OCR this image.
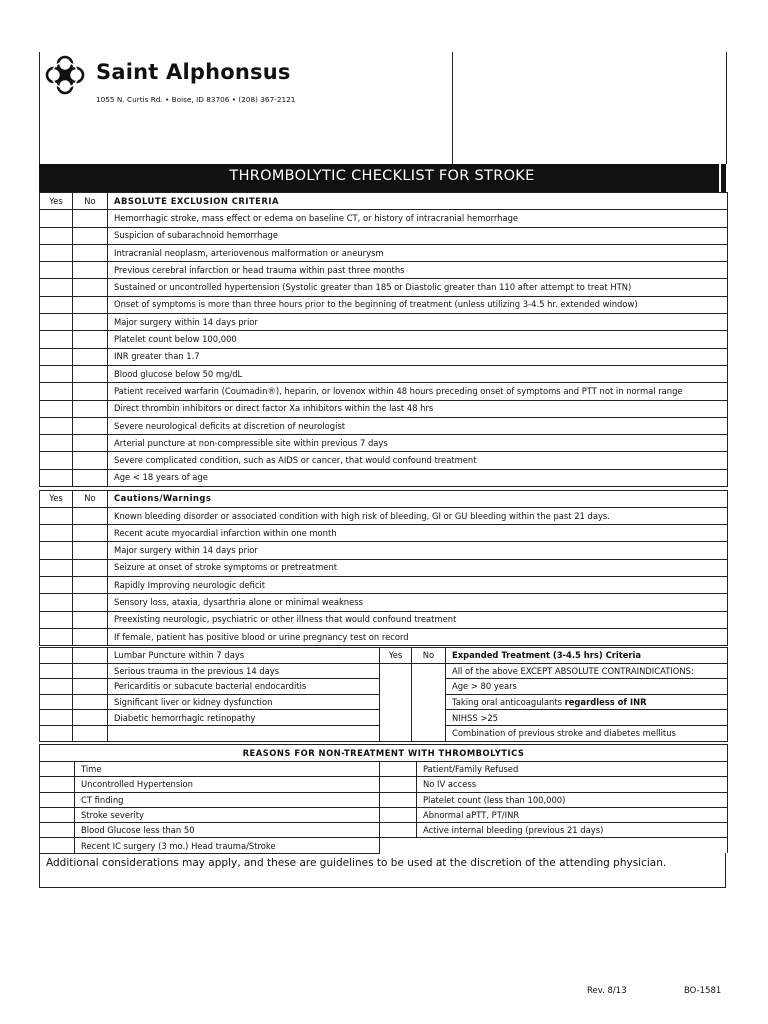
Saint Alphonsus
1055 N. Curtis Rd. • Boise, ID 83706 • (208) 367-2121
THROMBOLYTIC CHECKLIST FOR STROKE
Yes	No	ABSOLUTE EXCLUSION CRITERIA
		Hemorrhagic stroke, mass effect or edema on baseline CT, or history of intracranial hemorrhage
		Suspicion of subarachnoid hemorrhage
		Intracranial neoplasm, arteriovenous malformation or aneurysm
		Previous cerebral infarction or head trauma within past three months
		Sustained or uncontrolled hypertension (Systolic greater than 185 or Diastolic greater than 110 after attempt to treat HTN)
		Onset of symptoms is more than three hours prior to the beginning of treatment (unless utilizing 3-4.5 hr. extended window)
		Major surgery within 14 days prior
		Platelet count below 100,000
		INR greater than 1.7
		Blood glucose below 50 mg/dL
		Patient received warfarin (Coumadin®), heparin, or lovenox within 48 hours preceding onset of symptoms and PTT not in normal range
		Direct thrombin inhibitors or direct factor Xa inhibitors within the last 48 hrs
		Severe neurological deficits at discretion of neurologist
		Arterial puncture at non-compressible site within previous 7 days
		Severe complicated condition, such as AIDS or cancer, that would confound treatment
		Age < 18 years of age
Yes	No	Cautions/Warnings
		Known bleeding disorder or associated condition with high risk of bleeding, GI or GU bleeding within the past 21 days.
		Recent acute myocardial infarction within one month
		Major surgery within 14 days prior
		Seizure at onset of stroke symptoms or pretreatment
		Rapidly Improving neurologic deficit
		Sensory loss, ataxia, dysarthria alone or minimal weakness
		Preexisting neurologic, psychiatric or other illness that would confound treatment
		If female, patient has positive blood or urine pregnancy test on record
		Lumbar Puncture within 7 days	Yes	No	Expanded Treatment (3-4.5 hrs) Criteria
		Serious trauma in the previous 14 days			All of the above EXCEPT ABSOLUTE CONTRAINDICATIONS:
		Pericarditis or subacute bacterial endocarditis			Age > 80 years
		Significant liver or kidney dysfunction			Taking oral anticoagulants regardless of INR
		Diabetic hemorrhagic retinopathy			NIHSS >25
					Combination of previous stroke and diabetes mellitus
REASONS FOR NON-TREATMENT WITH THROMBOLYTICS			
	Time		Patient/Family Refused
	Uncontrolled Hypertension		No IV access
	CT finding		Platelet count (less than 100,000)
	Stroke severity		Abnormal aPTT, PT/INR
	Blood Glucose less than 50		Active internal bleeding (previous 21 days)
	Recent IC surgery (3 mo.) Head trauma/Stroke		
Additional considerations may apply, and these are guidelines to be used at the discretion of the attending physician.
Rev. 8/13	BO-1581
